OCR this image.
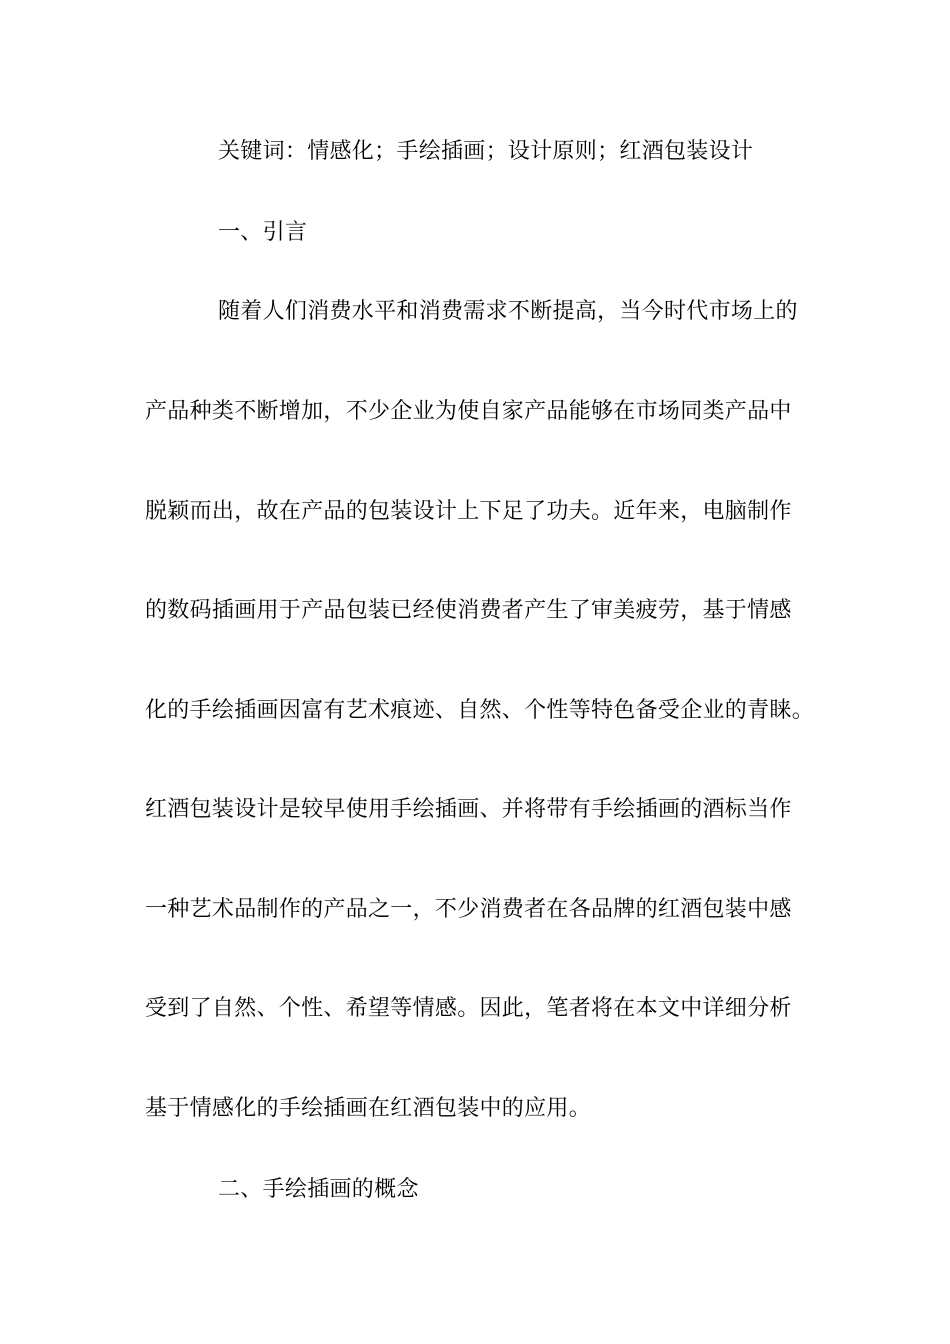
关键词：情感化；手绘插画；设计原则；红酒包装设计
一、引言
随着人们消费水平和消费需求不断提高，当今时代市场上的
产品种类不断增加，不少企业为使自家产品能够在市场同类产品中
脱颖而出，故在产品的包装设计上下足了功夫。近年来，电脑制作
的数码插画用于产品包装已经使消费者产生了审美疲劳，基于情感
化的手绘插画因富有艺术痕迹、自然、个性等特色备受企业的青睐。
红酒包装设计是较早使用手绘插画、并将带有手绘插画的酒标当作
一种艺术品制作的产品之一，不少消费者在各品牌的红酒包装中感
受到了自然、个性、希望等情感。因此，笔者将在本文中详细分析
基于情感化的手绘插画在红酒包装中的应用。
二、手绘插画的概念
